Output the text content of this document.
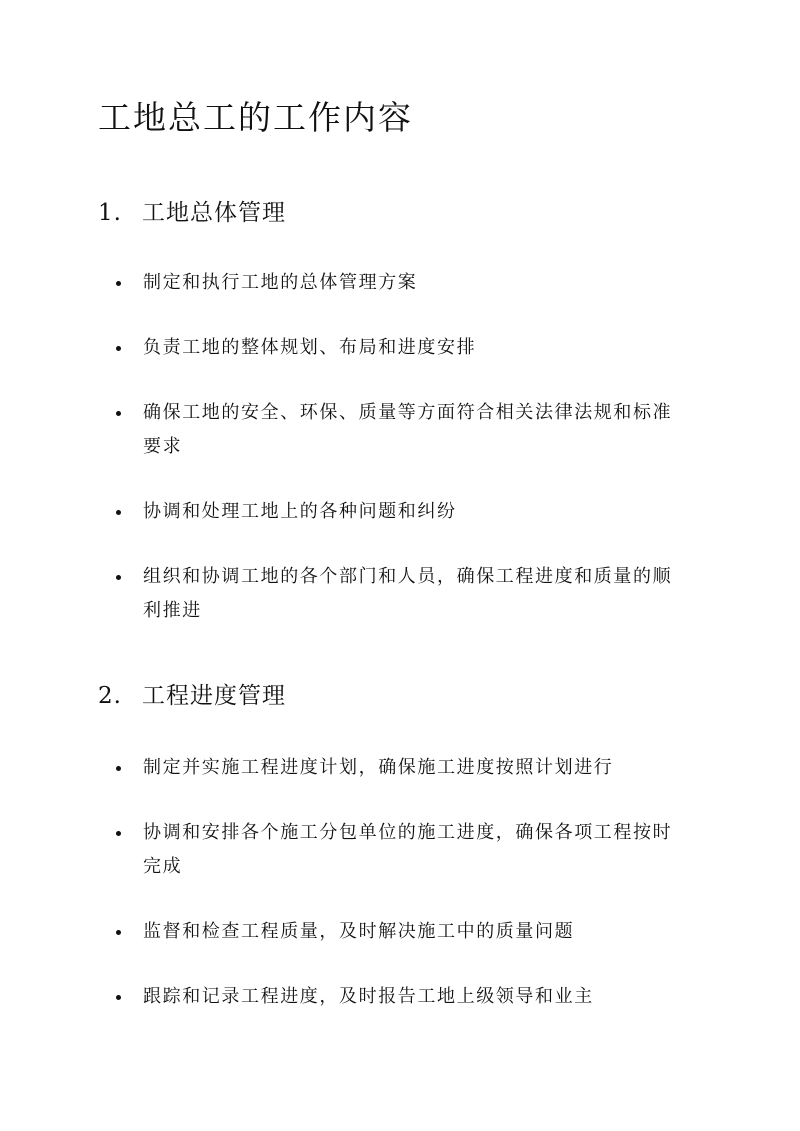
工地总工的工作内容
1. 工地总体管理
制定和执行工地的总体管理方案
负责工地的整体规划、布局和进度安排
确保工地的安全、环保、质量等方面符合相关法律法规和标准要求
协调和处理工地上的各种问题和纠纷
组织和协调工地的各个部门和人员，确保工程进度和质量的顺利推进
2. 工程进度管理
制定并实施工程进度计划，确保施工进度按照计划进行
协调和安排各个施工分包单位的施工进度，确保各项工程按时完成
监督和检查工程质量，及时解决施工中的质量问题
跟踪和记录工程进度，及时报告工地上级领导和业主
